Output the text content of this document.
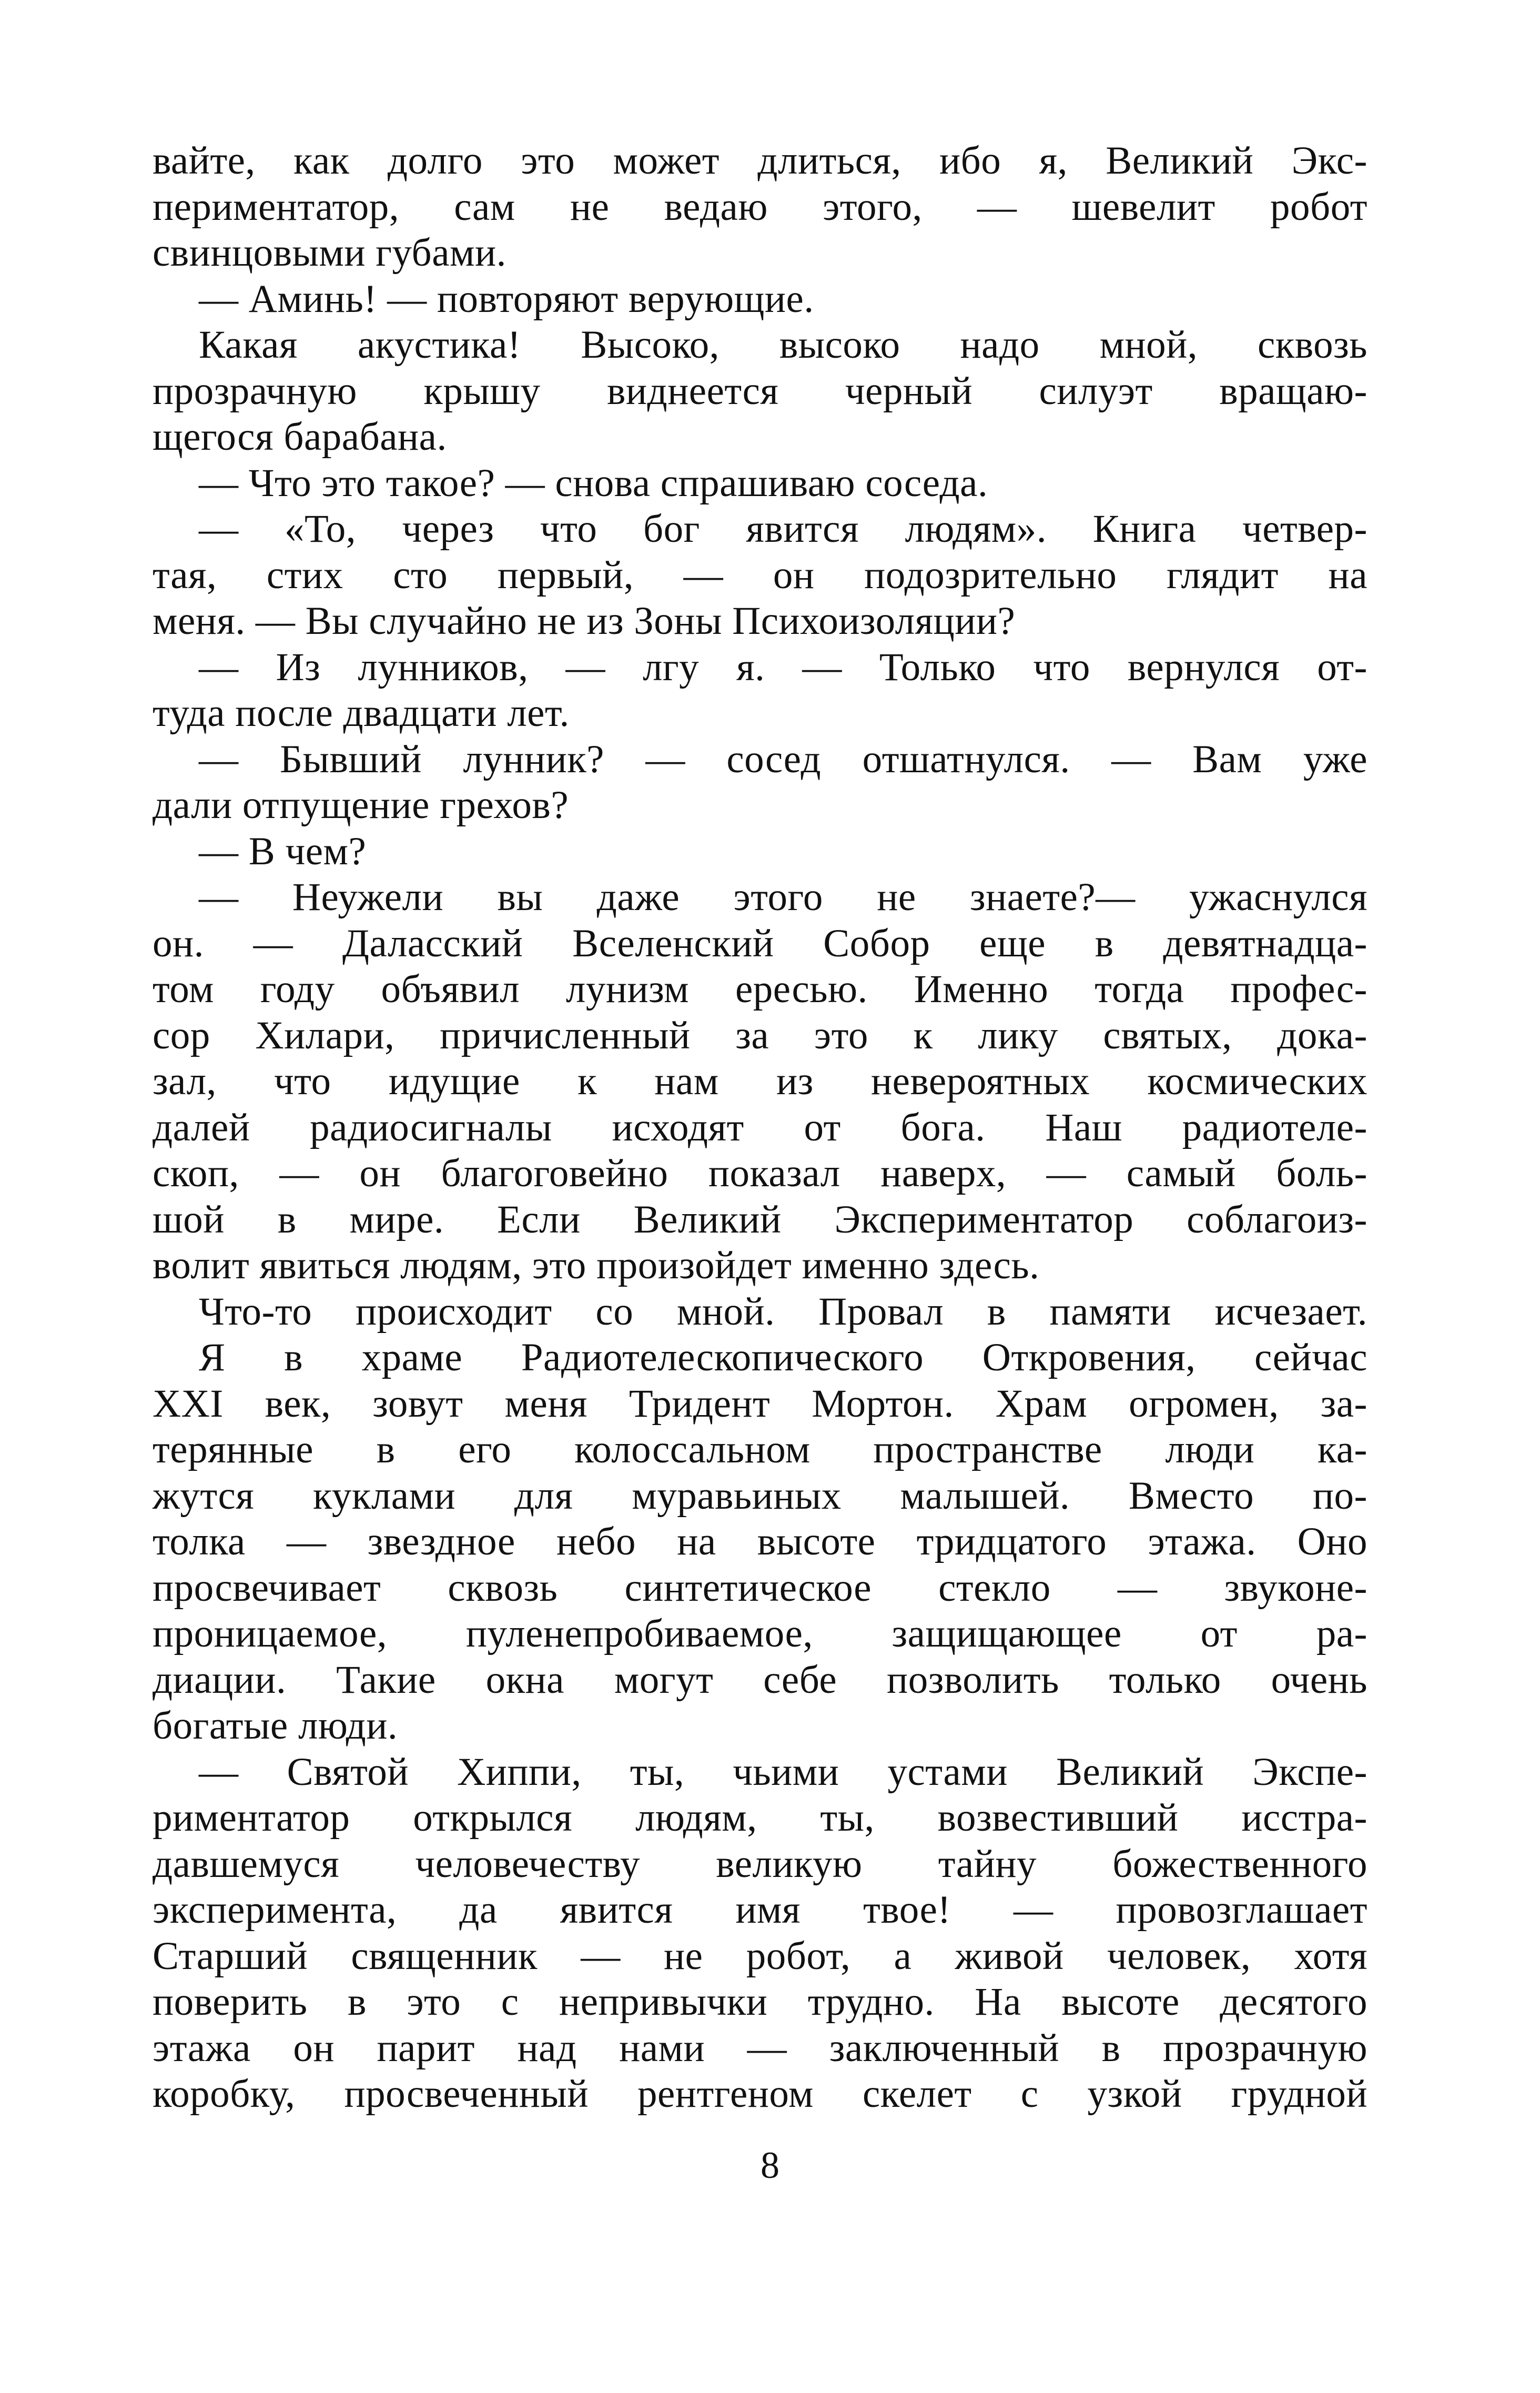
вайте, как долго это может длиться, ибо я, Великий Экс-
периментатор, сам не ведаю этого, — шевелит робот
свинцовыми губами.
— Аминь! — повторяют верующие.
Какая акустика! Высоко, высоко надо мной, сквозь
прозрачную крышу виднеется черный силуэт вращаю-
щегося барабана.
— Что это такое? — снова спрашиваю соседа.
— «То, через что бог явится людям». Книга четвер-
тая, стих сто первый, — он подозрительно глядит на
меня. — Вы случайно не из Зоны Психоизоляции?
— Из лунников, — лгу я. — Только что вернулся от-
туда после двадцати лет.
— Бывший лунник? — сосед отшатнулся. — Вам уже
дали отпущение грехов?
— В чем?
— Неужели вы даже этого не знаете?— ужаснулся
он. — Даласский Вселенский Собор еще в девятнадца-
том году объявил лунизм ересью. Именно тогда профес-
сор Хилари, причисленный за это к лику святых, дока-
зал, что идущие к нам из невероятных космических
далей радиосигналы исходят от бога. Наш радиотеле-
скоп, — он благоговейно показал наверх, — самый боль-
шой в мире. Если Великий Экспериментатор соблагоиз-
волит явиться людям, это произойдет именно здесь.
Что-то происходит со мной. Провал в памяти исчезает.
Я в храме Радиотелескопического Откровения, сейчас
XXI век, зовут меня Тридент Мортон. Храм огромен, за-
терянные в его колоссальном пространстве люди ка-
жутся куклами для муравьиных малышей. Вместо по-
толка — звездное небо на высоте тридцатого этажа. Оно
просвечивает сквозь синтетическое стекло — звуконе-
проницаемое, пуленепробиваемое, защищающее от ра-
диации. Такие окна могут себе позволить только очень
богатые люди.
— Святой Хиппи, ты, чьими устами Великий Экспе-
риментатор открылся людям, ты, возвестивший исстра-
давшемуся человечеству великую тайну божественного
эксперимента, да явится имя твое! — провозглашает
Старший священник — не робот, а живой человек, хотя
поверить в это с непривычки трудно. На высоте десятого
этажа он парит над нами — заключенный в прозрачную
коробку, просвеченный рентгеном скелет с узкой грудной
8
